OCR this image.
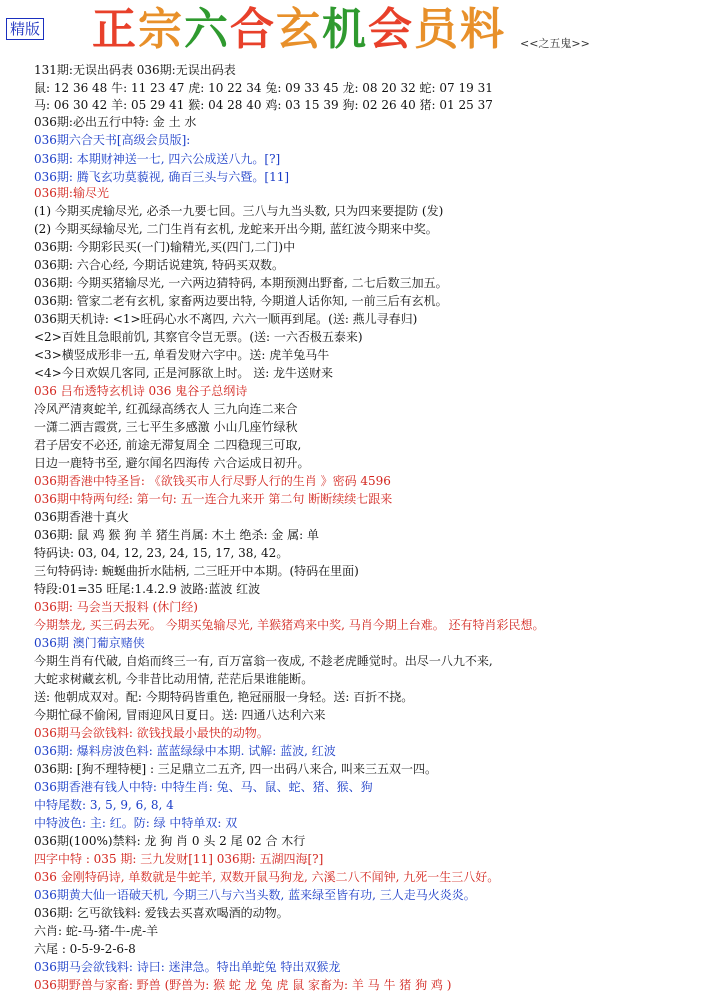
精版 正宗六合玄机会员料 <<之五鬼>>
131期:无误出码表 036期:无误出码表
鼠: 12 36 48 牛: 11 23 47 虎: 10 22 34 兔: 09 33 45 龙: 08 20 32 蛇: 07 19 31
马: 06 30 42 羊: 05 29 41 猴: 04 28 40 鸡: 03 15 39 狗: 02 26 40 猪: 01 25 37
036期:必出五行中特: 金 土 水
036期六合天书[高级会员版]:
036期: 本期财神送一七, 四六公成送八九。[?]
036期: 腾飞玄功莫藐视, 确百三头与六暨。[11]
036期:输尽光
(1) 今期买虎输尽光, 必杀一九要七回。三八与九当头数, 只为四来要提防 (发)
(2) 今期买绿输尽光, 二门生肖有玄机, 龙蛇来开出今期, 蓝红波今期来中奖。
036期: 今期彩民买(一门)输精光,买(四门,二门)中
036期: 六合心经, 今期话说建筑, 特码买双数。
036期: 今期买猪输尽光, 一六两边猜特码, 本期预测出野畜, 二七后数三加五。
036期: 管家二老有玄机, 家畜两边要出特, 今期道人话你知, 一前三后有玄机。
036期天机诗: <1>旺码心水不离四, 六六一顺再到尾。(送: 燕儿寻春归)
<2>百姓且急眼前饥, 其察官令岂无票。(送: 一六否极五泰来)
<3>横竖成形非一五, 单看发财六字中。送: 虎羊兔马牛
<4>今日欢娱几客同, 正是河豚欲上时。 送: 龙牛送财来
036 吕布透特玄机诗 036 鬼谷子总纲诗
冷风严清爽蛇羊, 红孤绿高绣衣人 三九向连二来合
一潇二洒吉霞赏, 三七平生多感激 小山几座竹绿秋
君子居安不必还, 前途无滞复周全 二四稳现三可取,
日边一鹿特书至, 避尔闻名四海传 六合运成日初升。
036期香港中特圣旨: 《欲钱买市人行尽野人行的生肖 》密码 4596
036期中特两句经: 第一句: 五一连合九来开 第二句 断断续续七跟来
036期香港十真火
036期: 鼠 鸡 猴 狗 羊 猪生肖属: 木土 绝杀: 金 属: 单
特码诀: 03, 04, 12, 23, 24, 15, 17, 38, 42。
三句特码诗: 蜿蜒曲折水陆柄, 二三旺开中本期。(特码在里面)
特段:01=35 旺尾:1.4.2.9 波路:蓝波 红波
036期: 马会当天报料 (休门经)
今期禁龙, 买三码去死。 今期买兔输尽光, 羊猴猪鸡来中奖, 马肖今期上台难。 还有特肖彩民想。
036期 澳门葡京赌侠
今期生肖有代破, 自焰而终三一有, 百万富翁一夜成, 不趁老虎睡觉时。出尽一八九不来,
大蛇求树藏玄机, 今非昔比动用情, 茫茫后果谁能断。
送: 他朝成双对。配: 今期特码皆重色, 艳冠丽服一身轻。送: 百折不挠。
今期忙碌不偷闲, 冒雨迎风日夏日。送: 四通八达利六来
036期马会欲钱料: 欲钱找最小最快的动物。
036期: 爆料房波色料: 蓝蓝绿绿中本期. 试解: 蓝波, 红波
036期: [狗不理特梗] : 三足鼎立二五齐, 四一出码八来合, 叫来三五双一四。
036期香港有钱人中特: 中特生肖: 兔、马、鼠、蛇、猪、猴、狗
中特尾数: 3, 5, 9, 6, 8, 4
中特波色: 主: 红。防: 绿 中特单双: 双
036期(100%)禁料: 龙 狗 肖 0 头 2 尾 02 合 木行
四字中特 : 035 期: 三九发财[11] 036期: 五湖四海[?]
036 金刚特码诗, 单数就是牛蛇羊, 双数开鼠马狗龙, 六溪二八不闻钟, 九死一生三八好。
036期黄大仙一语破天机, 今期三八与六当头数, 蓝来绿至皆有功, 三人走马火炎炎。
036期: 乞丐欲钱料: 爱钱去买喜欢喝酒的动物。
六肖: 蛇-马-猪-牛-虎-羊
六尾 : 0-5-9-2-6-8
036期马会欲钱料: 诗曰: 迷津急。特出单蛇兔 特出双猴龙
036期野兽与家畜: 野兽 (野兽为: 猴 蛇 龙 兔 虎 鼠 家畜为: 羊 马 牛 猪 狗 鸡 )
